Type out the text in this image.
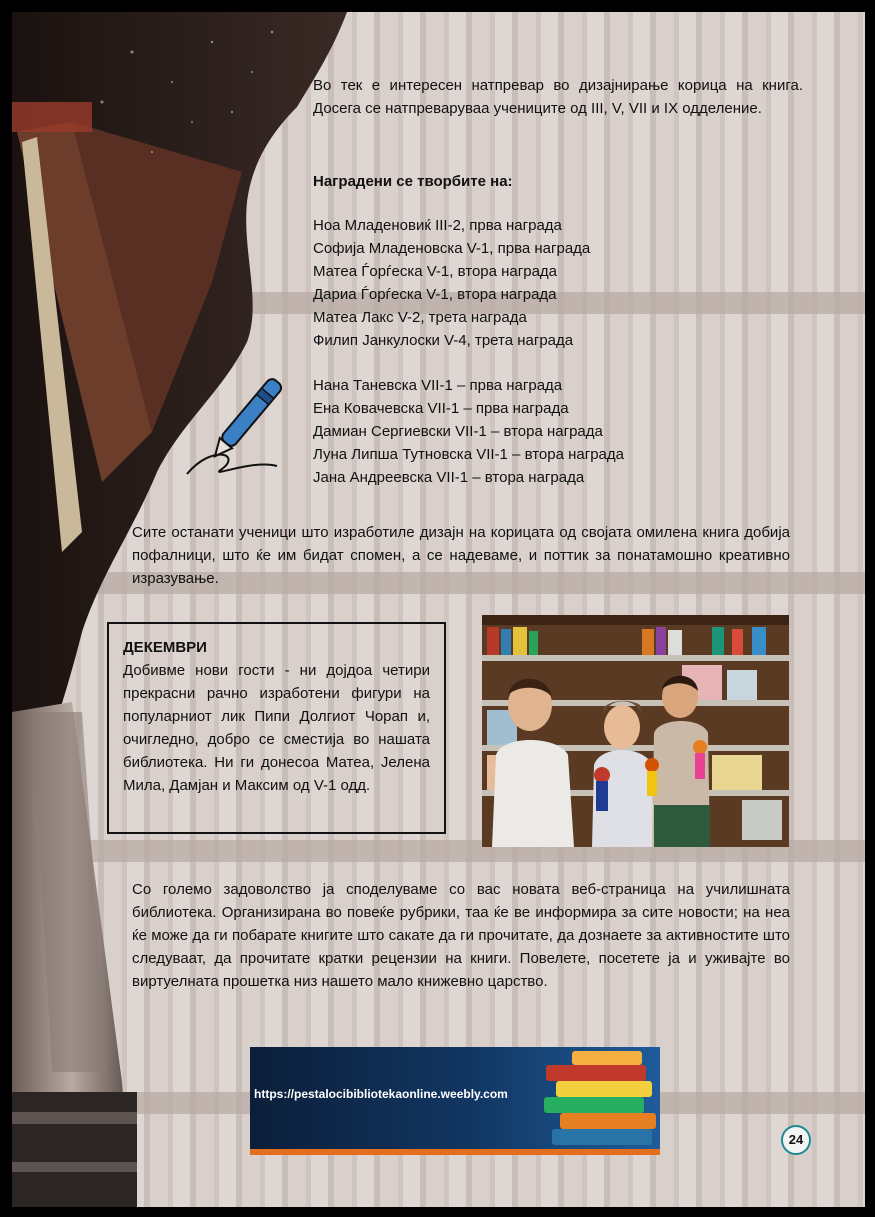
Во тек е интересен натпревар во дизајнирање корица на книга. Досега се натпреваруваа учениците од III, V, VII и IX одделение.
Наградени се творбите на:
Ноа Младеновиќ III-2, прва награда
Софија Младеновска V-1, прва награда
Матеа Ѓорѓеска V-1, втора награда
Дариа Ѓорѓеска V-1, втора награда
Матеа Лакс V-2, трета награда
Филип Јанкулоски V-4, трета награда
Нана Таневска VII-1 – прва награда
Ена Ковачевска VII-1 – прва награда
Дамиан Сергиевски VII-1 – втора награда
Луна Липша Тутновска VII-1 – втора награда
Јана Андреевска VII-1 – втора награда
Сите останати ученици што изработиле дизајн на корицата од својата омилена книга добија пофалници, што ќе им бидат спомен, а се надеваме, и поттик за понатамошно креативно изразување.
ДЕКЕМВРИ
Добивме нови гости - ни дојдоа четири прекрасни рачно изработени фигури на популарниот лик Пипи Долгиот Чорап и, очигледно, добро се сместија во нашата библиотека. Ни ги донесоа Матеа, Јелена Мила, Дамјан и Максим од V-1 одд.
Со големо задоволство ја споделуваме со вас новата веб-страница на училишната библиотека. Организирана во повеќе рубрики, таа ќе ве информира за сите новости; на неа ќе може да ги побарате книгите што сакате да ги прочитате, да дознаете за активностите што следуваат, да прочитате кратки рецензии на книги. Повелете, посетете ја и уживајте во виртуелната прошетка низ нашето мало книжевно царство.
https://pestalocibibliotekaonline.weebly.com
24
